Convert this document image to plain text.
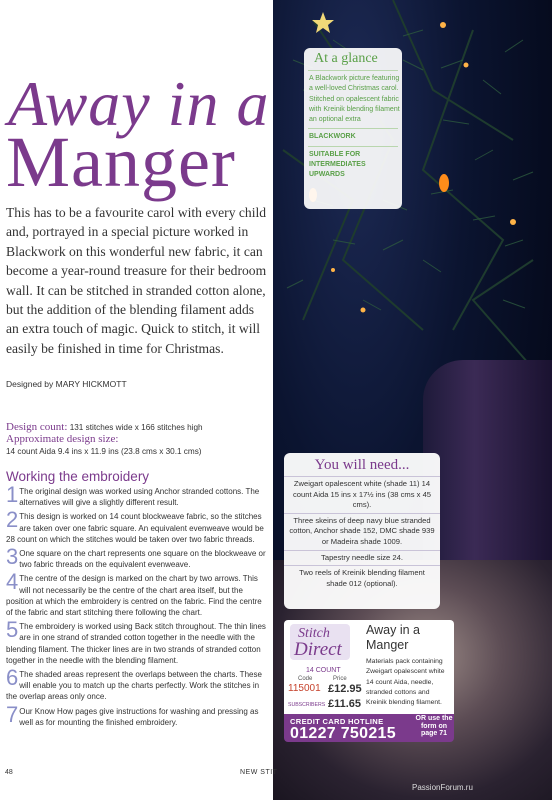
Away in a
Manger
This has to be a favourite carol with every child and, portrayed in a special picture worked in Blackwork on this wonderful new fabric, it can become a year-round treasure for their bedroom wall. It can be stitched in stranded cotton alone, but the addition of the blending filament adds an extra touch of magic. Quick to stitch, it will easily be finished in time for Christmas.
Designed by MARY HICKMOTT
Design count: 131 stitches wide x 166 stitches high
Approximate design size:
14 count Aida 9.4 ins x 11.9 ins (23.8 cms x 30.1 cms)
Working the embroidery
1 The original design was worked using Anchor stranded cottons. The alternatives will give a slightly different result.
2 This design is worked on 14 count blockweave fabric, so the stitches are taken over one fabric square. An equivalent evenweave would be 28 count on which the stitches would be taken over two fabric threads.
3 One square on the chart represents one square on the blockweave or two fabric threads on the equivalent evenweave.
4 The centre of the design is marked on the chart by two arrows. This will not necessarily be the centre of the chart area itself, but the position at which the embroidery is centred on the fabric. Find the centre of the fabric and start stitching there following the chart.
5 The embroidery is worked using Back stitch throughout. The thin lines are in one strand of stranded cotton together in the needle with the blending filament. The thicker lines are in two strands of stranded cotton together in the needle with the blending filament.
6 The shaded areas represent the overlaps between the charts. These will enable you to match up the charts perfectly. Work the stitches in the overlap areas only once.
7 Our Know How pages give instructions for washing and pressing as well as for mounting the finished embroidery.
48	NEW STIT
PassionForum.ru
At a glance

A Blackwork picture featuring a well-loved Christmas carol. Stitched on opalescent fabric with Kreinik blending filament an optional extra

BLACKWORK

SUITABLE FOR INTERMEDIATES UPWARDS

You will need...
Zweigart opalescent white (shade 11) 14 count Aida 15 ins x 17½ ins (38 cms x 45 cms).
Three skeins of deep navy blue stranded cotton, Anchor shade 152, DMC shade 939 or Madeira shade 1009.
Tapestry needle size 24.
Two reels of Kreinik blending filament shade 012 (optional).
Stitch
Direct
14 COUNT
Code	Price
115001 £12.95
SUBSCRIBERS £11.65
Away in a Manger
Materials pack containing Zweigart opalescent white 14 count Aida, needle, stranded cottons and Kreinik blending filament.
CREDIT CARD HOTLINE
01227 750215
OR use the form on page 71
